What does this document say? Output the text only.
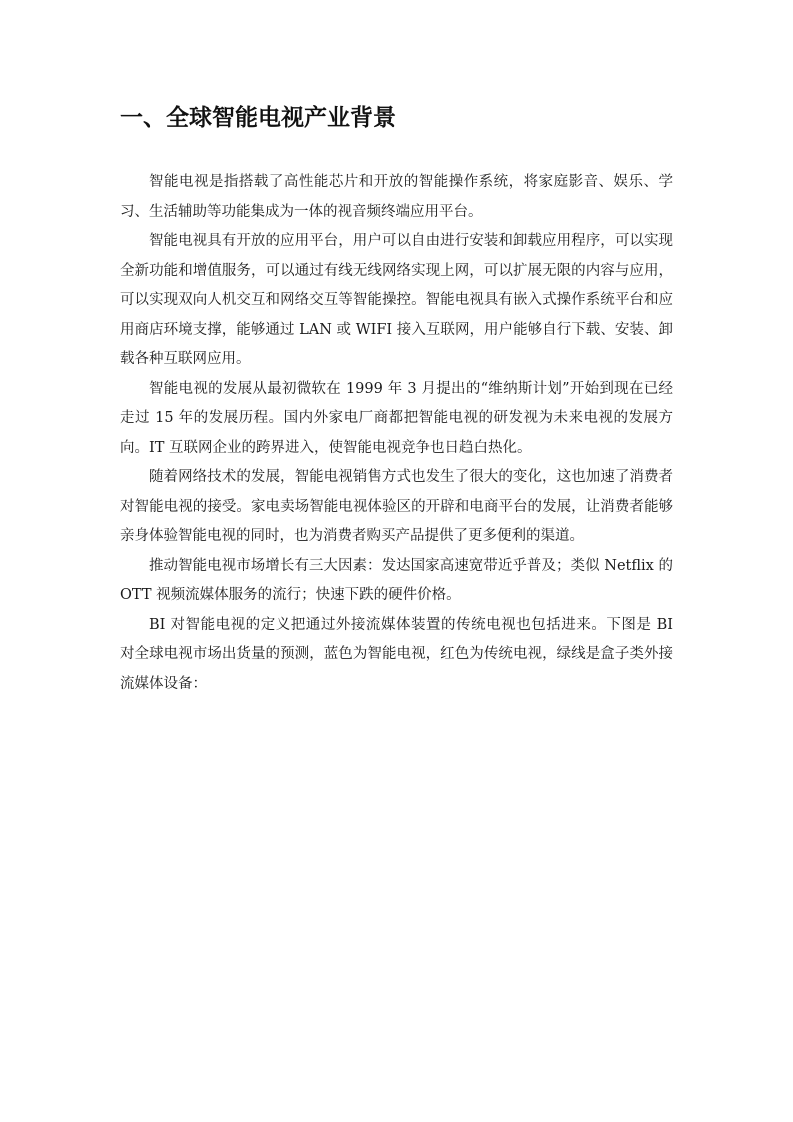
一、全球智能电视产业背景

智能电视是指搭载了高性能芯片和开放的智能操作系统，将家庭影音、娱乐、学习、生活辅助等功能集成为一体的视音频终端应用平台。

智能电视具有开放的应用平台，用户可以自由进行安装和卸载应用程序，可以实现全新功能和增值服务，可以通过有线无线网络实现上网，可以扩展无限的内容与应用，可以实现双向人机交互和网络交互等智能操控。智能电视具有嵌入式操作系统平台和应用商店环境支撑，能够通过 LAN 或 WIFI 接入互联网，用户能够自行下载、安装、卸载各种互联网应用。

智能电视的发展从最初微软在 1999 年 3 月提出的“维纳斯计划”开始到现在已经走过 15 年的发展历程。国内外家电厂商都把智能电视的研发视为未来电视的发展方向。IT 互联网企业的跨界进入，使智能电视竞争也日趋白热化。

随着网络技术的发展，智能电视销售方式也发生了很大的变化，这也加速了消费者对智能电视的接受。家电卖场智能电视体验区的开辟和电商平台的发展，让消费者能够亲身体验智能电视的同时，也为消费者购买产品提供了更多便利的渠道。

推动智能电视市场增长有三大因素：发达国家高速宽带近乎普及；类似 Netflix 的 OTT 视频流媒体服务的流行；快速下跌的硬件价格。

BI 对智能电视的定义把通过外接流媒体装置的传统电视也包括进来。下图是 BI 对全球电视市场出货量的预测，蓝色为智能电视，红色为传统电视，绿线是盒子类外接流媒体设备：
